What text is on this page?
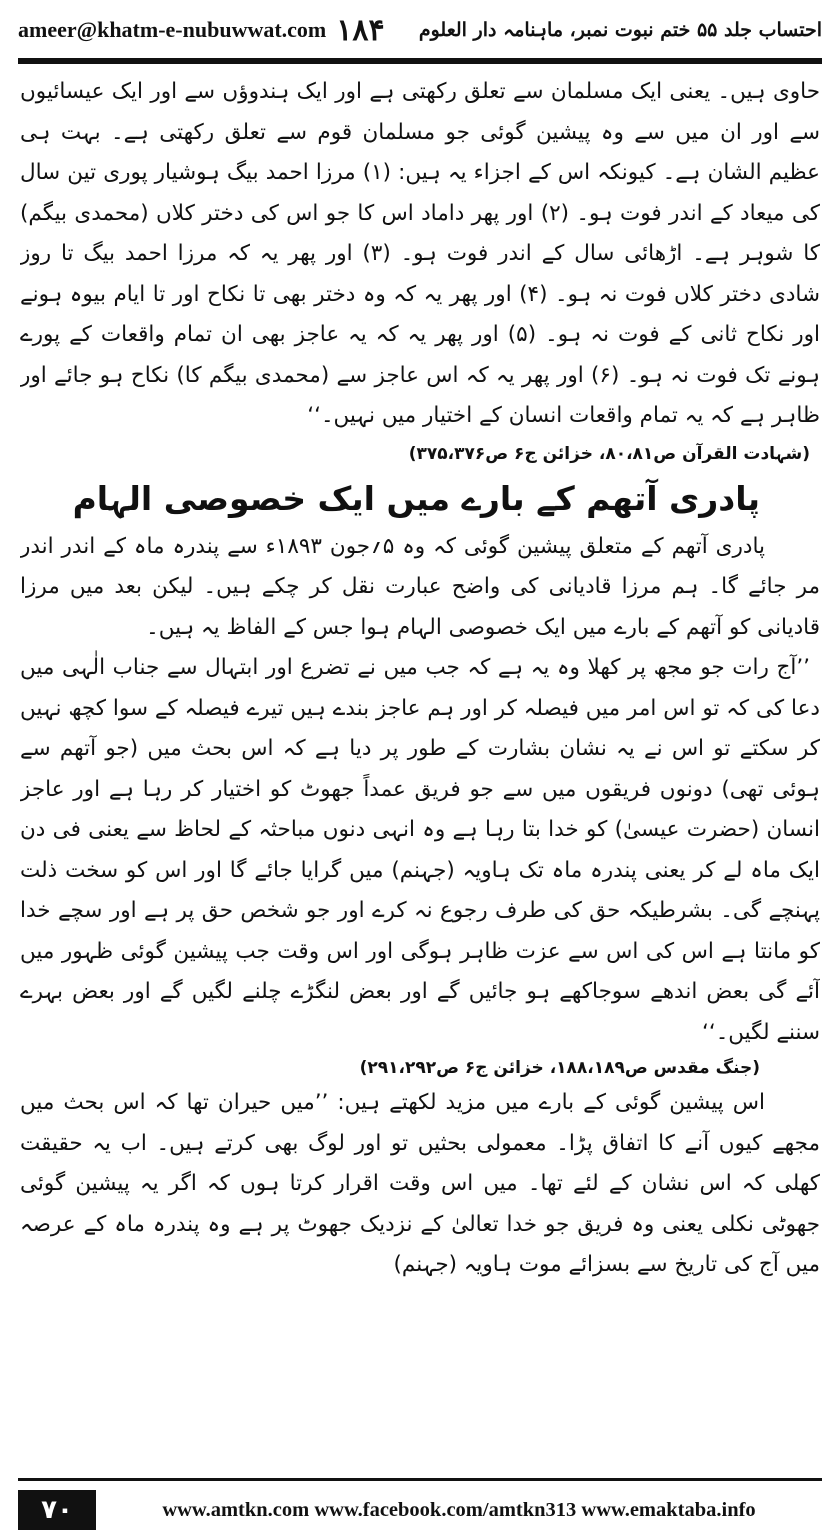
ameer@khatm-e-nubuwwat.com ۱۸۴ احتساب جلد ۵۵ ختم نبوت نمبر، ماہنامہ دار العلوم

حاوی ہیں۔ یعنی ایک مسلمان سے تعلق رکھتی ہے اور ایک ہندوؤں سے اور ایک عیسائیوں سے اور ان میں سے وہ پیشین گوئی جو مسلمان قوم سے تعلق رکھتی ہے۔ بہت ہی عظیم الشان ہے۔ کیونکہ اس کے اجزاء یہ ہیں: (۱) مرزا احمد بیگ ہوشیار پوری تین سال کی میعاد کے اندر فوت ہو۔ (۲) اور پھر داماد اس کا جو اس کی دختر کلاں (محمدی بیگم) کا شوہر ہے۔ اڑھائی سال کے اندر فوت ہو۔ (۳) اور پھر یہ کہ مرزا احمد بیگ تا روز شادی دختر کلاں فوت نہ ہو۔ (۴) اور پھر یہ کہ وہ دختر بھی تا نکاح اور تا ایام بیوہ ہونے اور نکاح ثانی کے فوت نہ ہو۔ (۵) اور پھر یہ کہ یہ عاجز بھی ان تمام واقعات کے پورے ہونے تک فوت نہ ہو۔ (۶) اور پھر یہ کہ اس عاجز سے (محمدی بیگم کا) نکاح ہو جائے اور ظاہر ہے کہ یہ تمام واقعات انسان کے اختیار میں نہیں۔‘‘

(شہادت القرآن ص۸۰،۸۱، خزائن ج۶ ص۳۷۵،۳۷۶)

پادری آتھم کے بارے میں ایک خصوصی الہام

پادری آتھم کے متعلق پیشین گوئی کہ وہ ۵؍جون ۱۸۹۳ء سے پندرہ ماہ کے اندر اندر مر جائے گا۔ ہم مرزا قادیانی کی واضح عبارت نقل کر چکے ہیں۔ لیکن بعد میں مرزا قادیانی کو آتھم کے بارے میں ایک خصوصی الہام ہوا جس کے الفاظ یہ ہیں۔

’’آج رات جو مجھ پر کھلا وہ یہ ہے کہ جب میں نے تضرع اور ابتہال سے جناب الٰہی میں دعا کی کہ تو اس امر میں فیصلہ کر اور ہم عاجز بندے ہیں تیرے فیصلہ کے سوا کچھ نہیں کر سکتے تو اس نے یہ نشان بشارت کے طور پر دیا ہے کہ اس بحث میں (جو آتھم سے ہوئی تھی) دونوں فریقوں میں سے جو فریق عمداً جھوٹ کو اختیار کر رہا ہے اور عاجز انسان (حضرت عیسیٰ) کو خدا بتا رہا ہے وہ انہی دنوں مباحثہ کے لحاظ سے یعنی فی دن ایک ماہ لے کر یعنی پندرہ ماہ تک ہاویہ (جہنم) میں گرایا جائے گا اور اس کو سخت ذلت پہنچے گی۔ بشرطیکہ حق کی طرف رجوع نہ کرے اور جو شخص حق پر ہے اور سچے خدا کو مانتا ہے اس کی اس سے عزت ظاہر ہوگی اور اس وقت جب پیشین گوئی ظہور میں آئے گی بعض اندھے سوجاکھے ہو جائیں گے اور بعض لنگڑے چلنے لگیں گے اور بعض بہرے سننے لگیں۔‘‘

(جنگ مقدس ص۱۸۸،۱۸۹، خزائن ج۶ ص۲۹۱،۲۹۲)

اس پیشین گوئی کے بارے میں مزید لکھتے ہیں: ’’میں حیران تھا کہ اس بحث میں مجھے کیوں آنے کا اتفاق پڑا۔ معمولی بحثیں تو اور لوگ بھی کرتے ہیں۔ اب یہ حقیقت کھلی کہ اس نشان کے لئے تھا۔ میں اس وقت اقرار کرتا ہوں کہ اگر یہ پیشین گوئی جھوٹی نکلی یعنی وہ فریق جو خدا تعالیٰ کے نزدیک جھوٹ پر ہے وہ پندرہ ماہ کے عرصہ میں آج کی تاریخ سے بسزائے موت ہاویہ (جہنم)

۷۰	www.amtkn.com www.facebook.com/amtkn313 www.emaktaba.info
